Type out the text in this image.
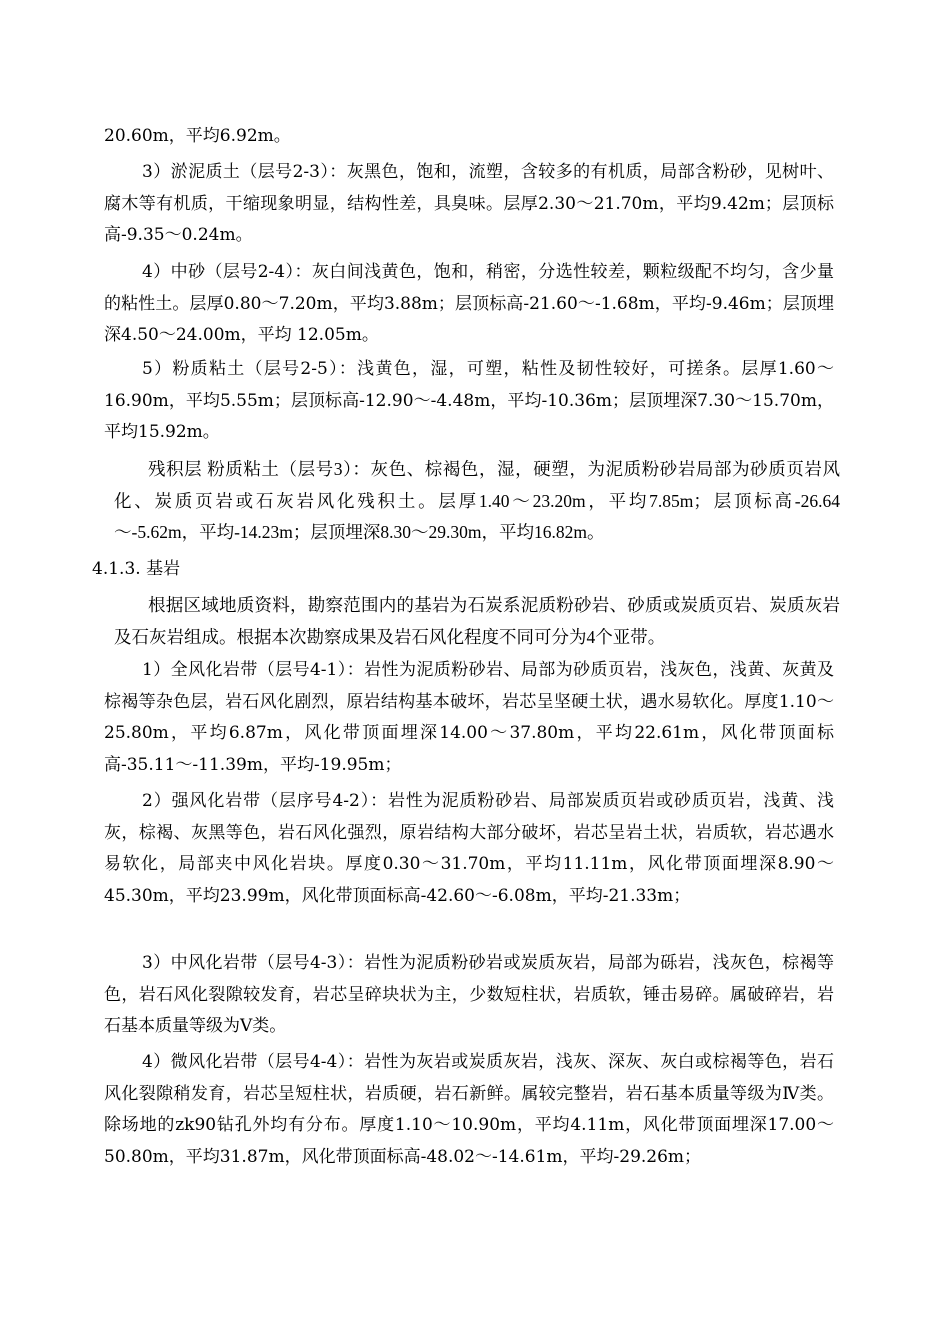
20.60m，平均6.92m。

3）淤泥质土（层号2-3）：灰黑色，饱和，流塑，含较多的有机质，局部含粉砂，见树叶、腐木等有机质，干缩现象明显，结构性差，具臭味。层厚2.30～21.70m，平均9.42m；层顶标高-9.35～0.24m。

4）中砂（层号2-4）：灰白间浅黄色，饱和，稍密，分选性较差，颗粒级配不均匀，含少量的粘性土。层厚0.80～7.20m，平均3.88m；层顶标高-21.60～-1.68m，平均-9.46m；层顶埋深4.50～24.00m，平均 12.05m。

5）粉质粘土（层号2-5）：浅黄色，湿，可塑，粘性及韧性较好，可搓条。层厚1.60～16.90m，平均5.55m；层顶标高-12.90～-4.48m，平均-10.36m；层顶埋深7.30～15.70m，平均15.92m。

残积层 粉质粘土（层号3）：灰色、棕褐色，湿，硬塑，为泥质粉砂岩局部为砂质页岩风化、炭质页岩或石灰岩风化残积土。层厚1.40～23.20m，平均7.85m；层顶标高-26.64～-5.62m，平均-14.23m；层顶埋深8.30～29.30m，平均16.82m。

4.1.3. 基岩

根据区域地质资料，勘察范围内的基岩为石炭系泥质粉砂岩、砂质或炭质页岩、炭质灰岩及石灰岩组成。根据本次勘察成果及岩石风化程度不同可分为4个亚带。

1）全风化岩带（层号4-1）：岩性为泥质粉砂岩、局部为砂质页岩，浅灰色，浅黄、灰黄及棕褐等杂色层，岩石风化剧烈，原岩结构基本破坏，岩芯呈坚硬土状，遇水易软化。厚度1.10～25.80m，平均6.87m，风化带顶面埋深14.00～37.80m，平均22.61m，风化带顶面标高-35.11～-11.39m，平均-19.95m；

2）强风化岩带（层序号4-2）：岩性为泥质粉砂岩、局部炭质页岩或砂质页岩，浅黄、浅灰，棕褐、灰黑等色，岩石风化强烈，原岩结构大部分破坏，岩芯呈岩土状，岩质软，岩芯遇水易软化，局部夹中风化岩块。厚度0.30～31.70m，平均11.11m，风化带顶面埋深8.90～45.30m，平均23.99m，风化带顶面标高-42.60～-6.08m，平均-21.33m；

3）中风化岩带（层号4-3）：岩性为泥质粉砂岩或炭质灰岩，局部为砾岩，浅灰色，棕褐等色，岩石风化裂隙较发育，岩芯呈碎块状为主，少数短柱状，岩质软，锤击易碎。属破碎岩，岩石基本质量等级为Ⅴ类。

4）微风化岩带（层号4-4）：岩性为灰岩或炭质灰岩，浅灰、深灰、灰白或棕褐等色，岩石风化裂隙稍发育，岩芯呈短柱状，岩质硬，岩石新鲜。属较完整岩，岩石基本质量等级为Ⅳ类。除场地的zk90钻孔外均有分布。厚度1.10～10.90m，平均4.11m，风化带顶面埋深17.00～50.80m，平均31.87m，风化带顶面标高-48.02～-14.61m，平均-29.26m；
